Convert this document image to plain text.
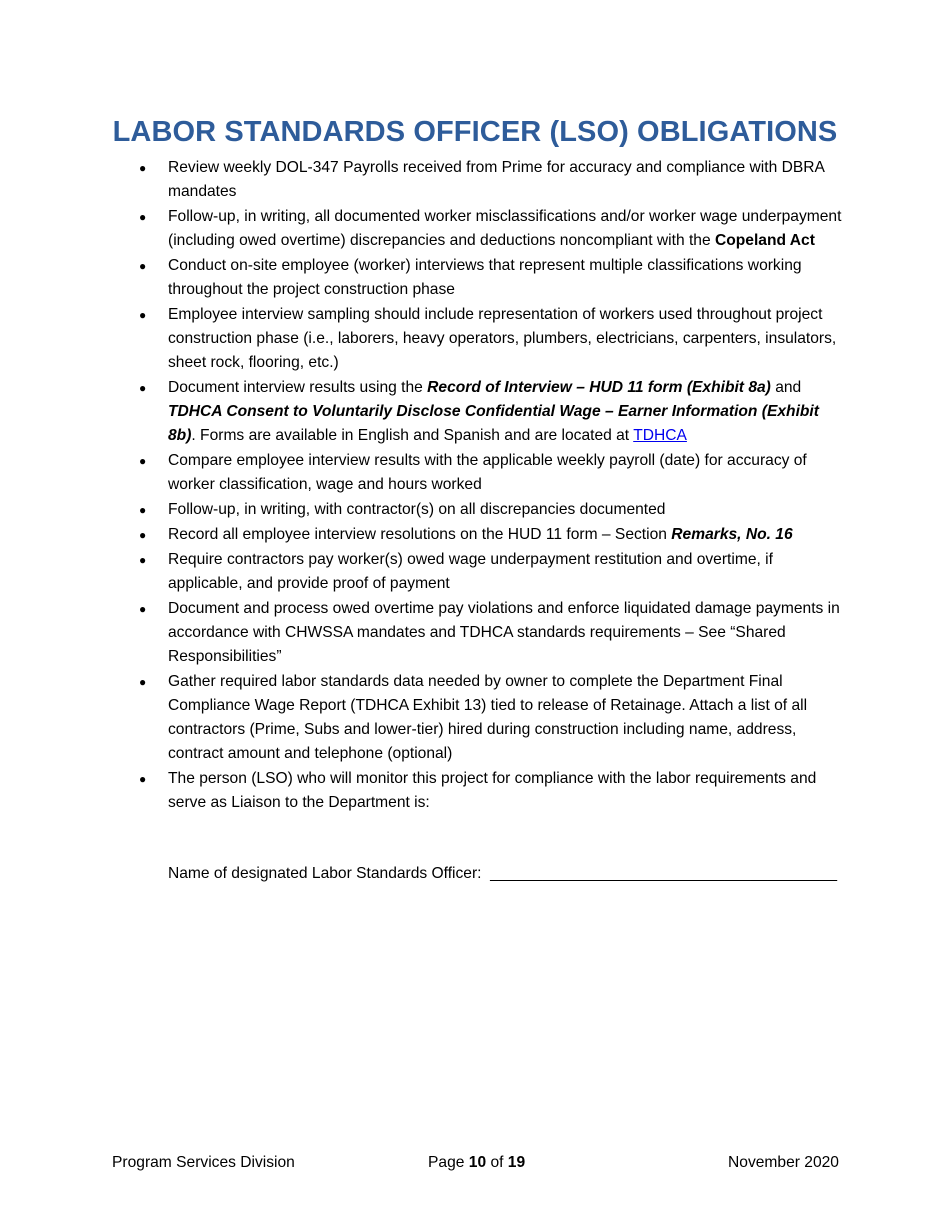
LABOR STANDARDS OFFICER (LSO) OBLIGATIONS
● Review weekly DOL-347 Payrolls received from Prime for accuracy and compliance with DBRA mandates
● Follow-up, in writing, all documented worker misclassifications and/or worker wage underpayment (including owed overtime) discrepancies and deductions noncompliant with the Copeland Act
● Conduct on-site employee (worker) interviews that represent multiple classifications working throughout the project construction phase
● Employee interview sampling should include representation of workers used throughout project construction phase (i.e., laborers, heavy operators, plumbers, electricians, carpenters, insulators, sheet rock, flooring, etc.)
● Document interview results using the Record of Interview – HUD 11 form (Exhibit 8a) and TDHCA Consent to Voluntarily Disclose Confidential Wage – Earner Information (Exhibit 8b). Forms are available in English and Spanish and are located at TDHCA
● Compare employee interview results with the applicable weekly payroll (date) for accuracy of worker classification, wage and hours worked
● Follow-up, in writing, with contractor(s) on all discrepancies documented
● Record all employee interview resolutions on the HUD 11 form – Section Remarks, No. 16
● Require contractors pay worker(s) owed wage underpayment restitution and overtime, if applicable, and provide proof of payment
● Document and process owed overtime pay violations and enforce liquidated damage payments in accordance with CHWSSA mandates and TDHCA standards requirements – See “Shared Responsibilities”
● Gather required labor standards data needed by owner to complete the Department Final Compliance Wage Report (TDHCA Exhibit 13) tied to release of Retainage. Attach a list of all contractors (Prime, Subs and lower-tier) hired during construction including name, address, contract amount and telephone (optional)
● The person (LSO) who will monitor this project for compliance with the labor requirements and serve as Liaison to the Department is:
Name of designated Labor Standards Officer:  ________________________________________
Program Services Division	Page 10 of 19	November 2020
